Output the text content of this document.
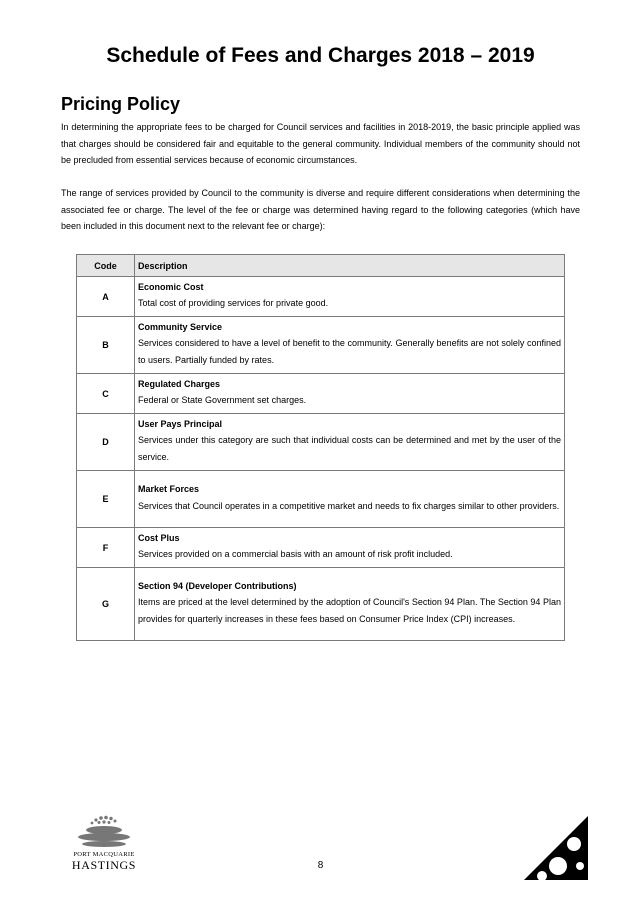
Schedule of Fees and Charges 2018 – 2019
Pricing Policy
In determining the appropriate fees to be charged for Council services and facilities in 2018-2019, the basic principle applied was that charges should be considered fair and equitable to the general community. Individual members of the community should not be precluded from essential services because of economic circumstances.
The range of services provided by Council to the community is diverse and require different considerations when determining the associated fee or charge. The level of the fee or charge was determined having regard to the following categories (which have been included in this document next to the relevant fee or charge):
Code	Description
A	Economic Cost
Total cost of providing services for private good.
B	Community Service
Services considered to have a level of benefit to the community. Generally benefits are not solely confined to users. Partially funded by rates.
C	Regulated Charges
Federal or State Government set charges.
D	User Pays Principal
Services under this category are such that individual costs can be determined and met by the user of the service.
E	Market Forces
Services that Council operates in a competitive market and needs to fix charges similar to other providers.
F	Cost Plus
Services provided on a commercial basis with an amount of risk profit included.
G	Section 94 (Developer Contributions)
Items are priced at the level determined by the adoption of Council's Section 94 Plan. The Section 94 Plan provides for quarterly increases in these fees based on Consumer Price Index (CPI) increases.
PORT MACQUARIE
HASTINGS	8
